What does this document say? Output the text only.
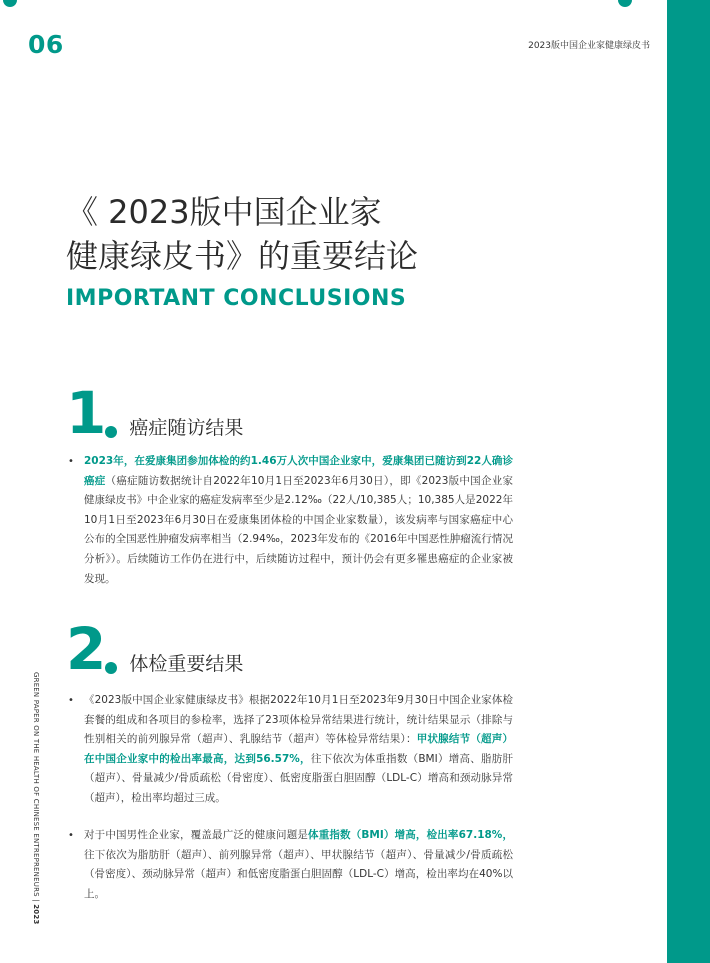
06	2023版中国企业家健康绿皮书
《 2023版中国企业家
健康绿皮书》的重要结论
IMPORTANT CONCLUSIONS
1 癌症随访结果
• 2023年，在爱康集团参加体检的约1.46万人次中国企业家中，爱康集团已随访到22人确诊癌症（癌症随访数据统计自2022年10月1日至2023年6月30日），即《2023版中国企业家健康绿皮书》中企业家的癌症发病率至少是2.12‰（22人/10,385人；10,385人是2022年10月1日至2023年6月30日在爱康集团体检的中国企业家数量），该发病率与国家癌症中心公布的全国恶性肿瘤发病率相当（2.94‰，2023年发布的《2016年中国恶性肿瘤流行情况分析》）。后续随访工作仍在进行中，后续随访过程中，预计仍会有更多罹患癌症的企业家被发现。

2 体检重要结果
• 《2023版中国企业家健康绿皮书》根据2022年10月1日至2023年9月30日中国企业家体检套餐的组成和各项目的参检率，选择了23项体检异常结果进行统计，统计结果显示（排除与性别相关的前列腺异常（超声）、乳腺结节（超声）等体检异常结果）：甲状腺结节（超声）在中国企业家中的检出率最高，达到56.57%，往下依次为体重指数（BMI）增高、脂肪肝（超声）、骨量减少/骨质疏松（骨密度）、低密度脂蛋白胆固醇（LDL-C）增高和颈动脉异常（超声），检出率均超过三成。

• 对于中国男性企业家，覆盖最广泛的健康问题是体重指数（BMI）增高，检出率67.18%，往下依次为脂肪肝（超声）、前列腺异常（超声）、甲状腺结节（超声）、骨量减少/骨质疏松（骨密度）、颈动脉异常（超声）和低密度脂蛋白胆固醇（LDL-C）增高，检出率均在40%以上。

GREEN PAPER ON THE HEALTH OF CHINESE ENTREPRENEURS | 2023
